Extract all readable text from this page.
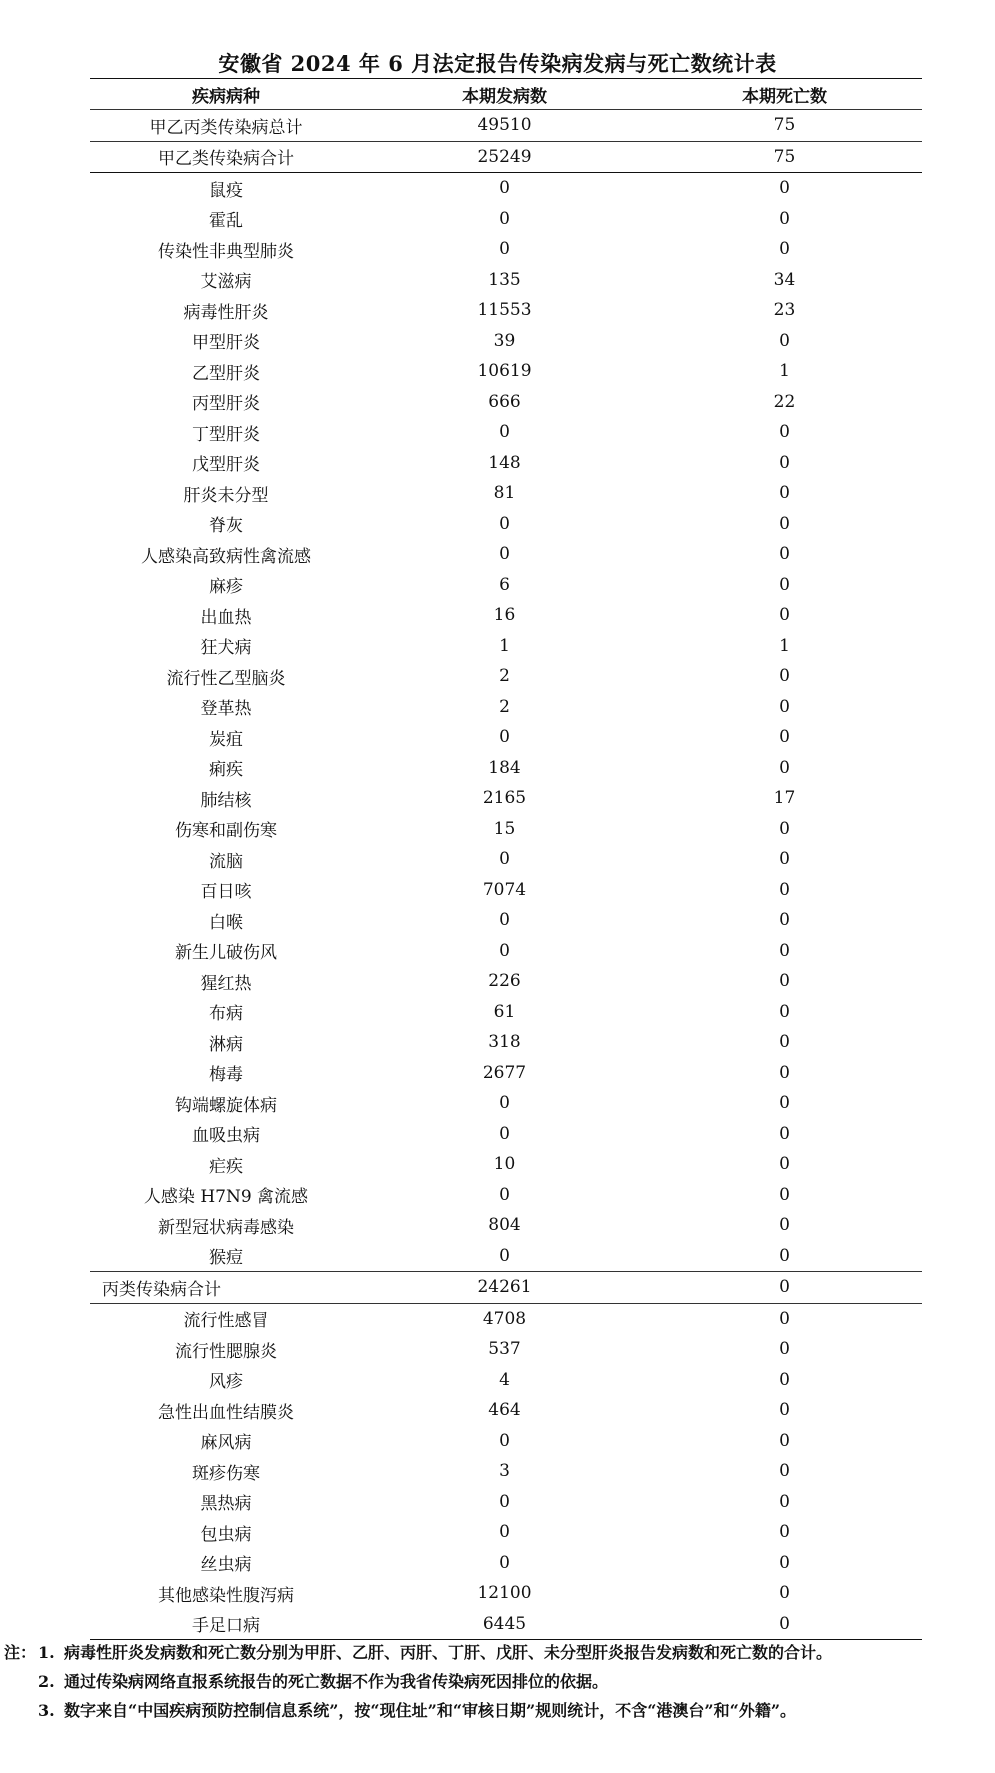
安徽省 2024 年 6 月法定报告传染病发病与死亡数统计表
疾病病种	本期发病数	本期死亡数
甲乙丙类传染病总计	49510	75
甲乙类传染病合计	25249	75
鼠疫	0	0
霍乱	0	0
传染性非典型肺炎	0	0
艾滋病	135	34
病毒性肝炎	11553	23
甲型肝炎	39	0
乙型肝炎	10619	1
丙型肝炎	666	22
丁型肝炎	0	0
戊型肝炎	148	0
肝炎未分型	81	0
脊灰	0	0
人感染高致病性禽流感	0	0
麻疹	6	0
出血热	16	0
狂犬病	1	1
流行性乙型脑炎	2	0
登革热	2	0
炭疽	0	0
痢疾	184	0
肺结核	2165	17
伤寒和副伤寒	15	0
流脑	0	0
百日咳	7074	0
白喉	0	0
新生儿破伤风	0	0
猩红热	226	0
布病	61	0
淋病	318	0
梅毒	2677	0
钩端螺旋体病	0	0
血吸虫病	0	0
疟疾	10	0
人感染 H7N9 禽流感	0	0
新型冠状病毒感染	804	0
猴痘	0	0
丙类传染病合计	24261	0
流行性感冒	4708	0
流行性腮腺炎	537	0
风疹	4	0
急性出血性结膜炎	464	0
麻风病	0	0
斑疹伤寒	3	0
黑热病	0	0
包虫病	0	0
丝虫病	0	0
其他感染性腹泻病	12100	0
手足口病	6445	0
注： 1. 病毒性肝炎发病数和死亡数分别为甲肝、乙肝、丙肝、丁肝、戊肝、未分型肝炎报告发病数和死亡数的合计。
2. 通过传染病网络直报系统报告的死亡数据不作为我省传染病死因排位的依据。
3. 数字来自“中国疾病预防控制信息系统”，按“现住址”和“审核日期”规则统计，不含“港澳台”和“外籍”。
